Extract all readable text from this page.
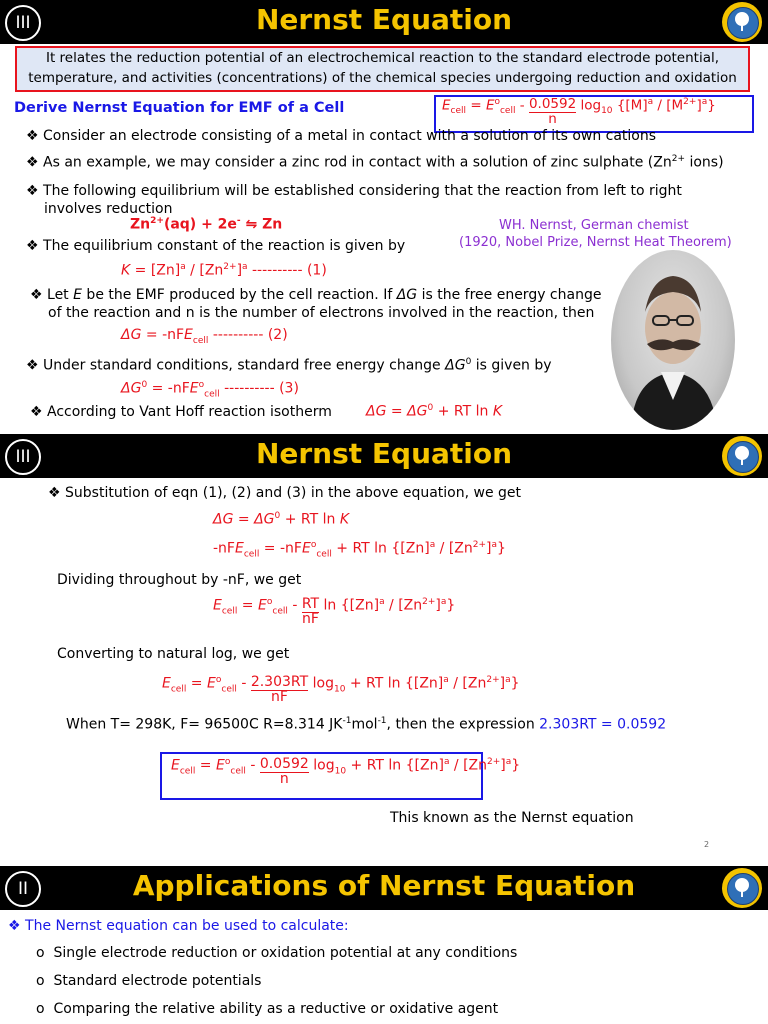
III	Nernst Equation
It relates the reduction potential of an electrochemical reaction to the standard electrode potential,
temperature, and activities (concentrations) of the chemical species undergoing reduction and oxidation
Derive Nernst Equation for EMF of a Cell	$E_{cell} = E^o_{cell} - \frac{0.0592}{n} \log_{10} \{[M]^a / [M^{2+}]^a\}$
❖ Consider an electrode consisting of a metal in contact with a solution of its own cations
❖ As an example, we may consider a zinc rod in contact with a solution of zinc sulphate ($Zn^{2+}$ ions)
❖ The following equilibrium will be established considering that the reaction from left to right
involves reduction
$Zn^{2+}(aq) + 2e^-$ ⇋ Zn	WH. Nernst, German chemist
(1920, Nobel Prize, Nernst Heat Theorem)
❖ The equilibrium constant of the reaction is given by
$K = [Zn]^a / [Zn^{2+}]^a$ ---------- (1)
❖ Let E be the EMF produced by the cell reaction. If ΔG is the free energy change
of the reaction and n is the number of electrons involved in the reaction, then
ΔG = -nFE$_{cell}$ ---------- (2)
❖ Under standard conditions, standard free energy change $\Delta G^0$ is given by
$\Delta G^0 = -nFE^o_{cell}$ ---------- (3)
❖ According to Vant Hoff reaction isotherm $\Delta G = \Delta G^0$ + RT ln K
III	Nernst Equation
❖ Substitution of eqn (1), (2) and (3) in the above equation, we get
$\Delta G = \Delta G^0$ + RT ln K
-nFE$_{cell}$ = -nFE$^o_{cell}$ + RT $\ln \{[Zn]^a / [Zn^{2+}]^a\}$
Dividing throughout by -nF, we get
$E_{cell} = E^o_{cell} - \frac{RT}{nF}$ $\ln \{[Zn]^a / [Zn^{2+}]^a\}$
Converting to natural log, we get
$E_{cell} = E^o_{cell} - \frac{2.303RT}{nF} \log_{10}$ + RT $\ln \{[Zn]^a / [Zn^{2+}]^a\}$
When T= 298K, F= 96500C R=8.314 $JK^{-1}mol^{-1}$, then the expression 2.303RT = 0.0592
$E_{cell} = E^o_{cell} - \frac{0.0592}{n} \log_{10}$ + RT $\ln \{[Zn]^a / [Zn^{2+}]^a\}$
This known as the Nernst equation
2
II	Applications of Nernst Equation
❖ The Nernst equation can be used to calculate:
o Single electrode reduction or oxidation potential at any conditions
o Standard electrode potentials
o Comparing the relative ability as a reductive or oxidative agent
